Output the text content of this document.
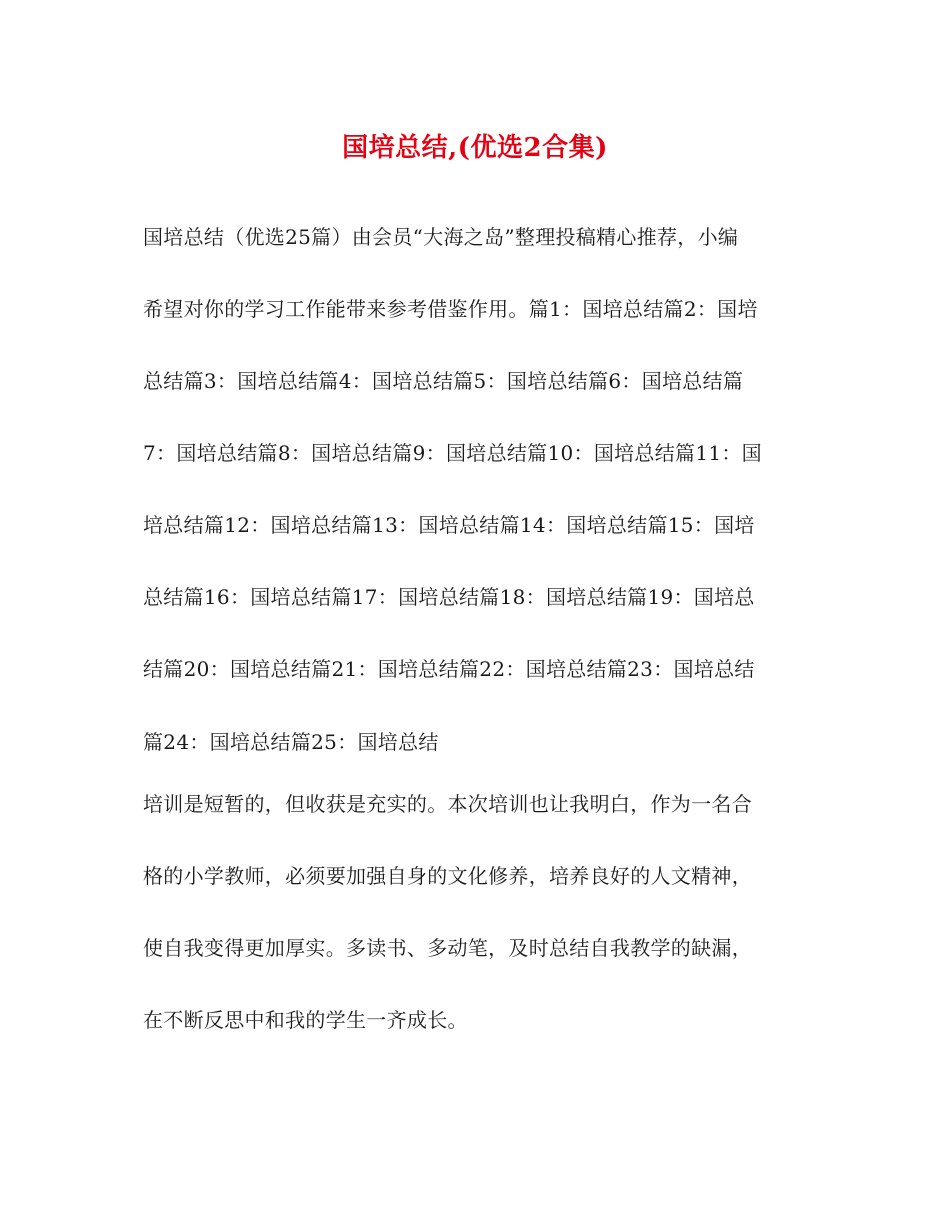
国培总结,(优选2合集)
国培总结（优选25篇）由会员“大海之岛”整理投稿精心推荐，小编
希望对你的学习工作能带来参考借鉴作用。篇1：国培总结篇2：国培
总结篇3：国培总结篇4：国培总结篇5：国培总结篇6：国培总结篇
7：国培总结篇8：国培总结篇9：国培总结篇10：国培总结篇11：国
培总结篇12：国培总结篇13：国培总结篇14：国培总结篇15：国培
总结篇16：国培总结篇17：国培总结篇18：国培总结篇19：国培总
结篇20：国培总结篇21：国培总结篇22：国培总结篇23：国培总结
篇24：国培总结篇25：国培总结
培训是短暂的，但收获是充实的。本次培训也让我明白，作为一名合
格的小学教师，必须要加强自身的文化修养，培养良好的人文精神，
使自我变得更加厚实。多读书、多动笔，及时总结自我教学的缺漏，
在不断反思中和我的学生一齐成长。
